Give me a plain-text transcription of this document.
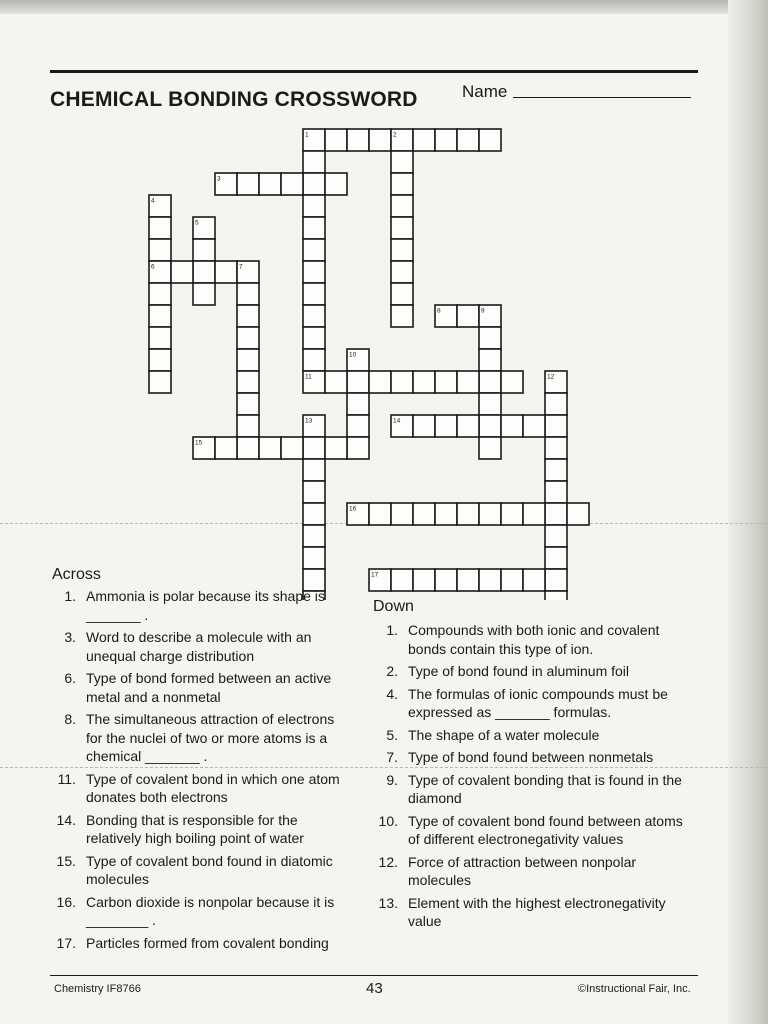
CHEMICAL BONDING CROSSWORD	Name
1	2
3
4
6
5
7
8	9
10
11	12
13	14
15
16
17
Across
1. Ammonia is polar because its shape is _______ .
3. Word to describe a molecule with an unequal charge distribution
6. Type of bond formed between an active metal and a nonmetal
8. The simultaneous attraction of electrons for the nuclei of two or more atoms is a chemical _______ .
11. Type of covalent bond in which one atom donates both electrons
14. Bonding that is responsible for the relatively high boiling point of water
15. Type of covalent bond found in diatomic molecules
16. Carbon dioxide is nonpolar because it is ________ .
17. Particles formed from covalent bonding
Down
1. Compounds with both ionic and covalent bonds contain this type of ion.
2. Type of bond found in aluminum foil
4. The formulas of ionic compounds must be expressed as _______ formulas.
5. The shape of a water molecule
7. Type of bond found between nonmetals
9. Type of covalent bonding that is found in the diamond
10. Type of covalent bond found between atoms of different electronegativity values
12. Force of attraction between nonpolar molecules
13. Element with the highest electronegativity value
Chemistry IF8766	43	©Instructional Fair, Inc.
